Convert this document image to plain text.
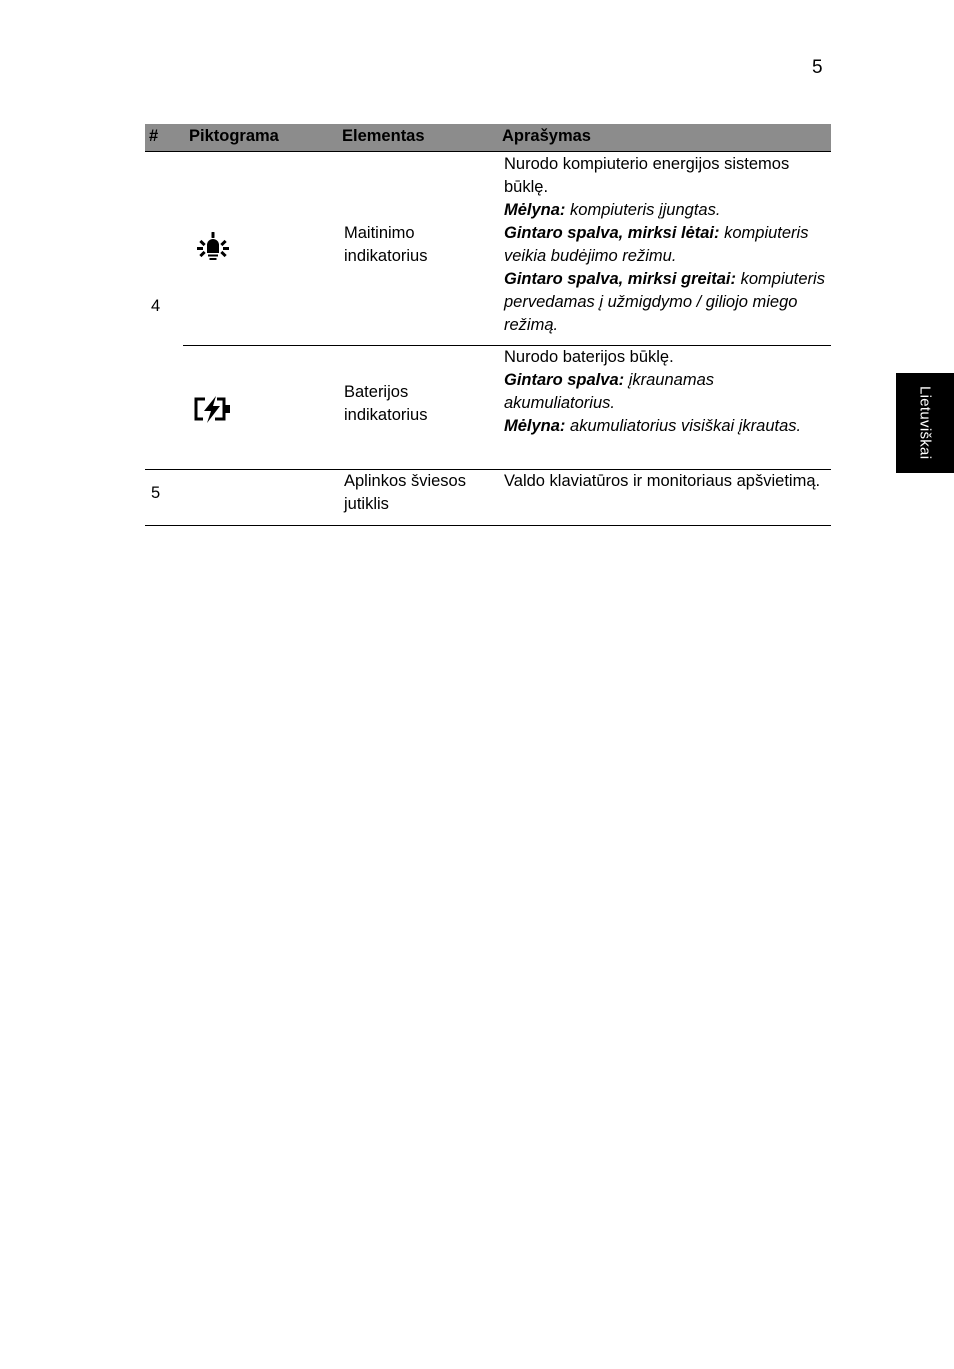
5
Lietuviškai
# Piktograma	Elementas	Aprašymas
4
Maitinimo indikatorius

Nurodo kompiuterio energijos sistemos būklę.

Mėlyna: kompiuteris įjungtas.

Gintaro spalva, mirksi lėtai: kompiuteris veikia budėjimo režimu.

Gintaro spalva, mirksi greitai: kompiuteris pervedamas į užmigdymo / giliojo miego režimą.

Baterijos indikatorius

Nurodo baterijos būklę.

Gintaro spalva: įkraunamas akumuliatorius.

Mėlyna: akumuliatorius visiškai įkrautas.

5
Aplinkos šviesos jutiklis

Valdo klaviatūros ir monitoriaus apšvietimą.
